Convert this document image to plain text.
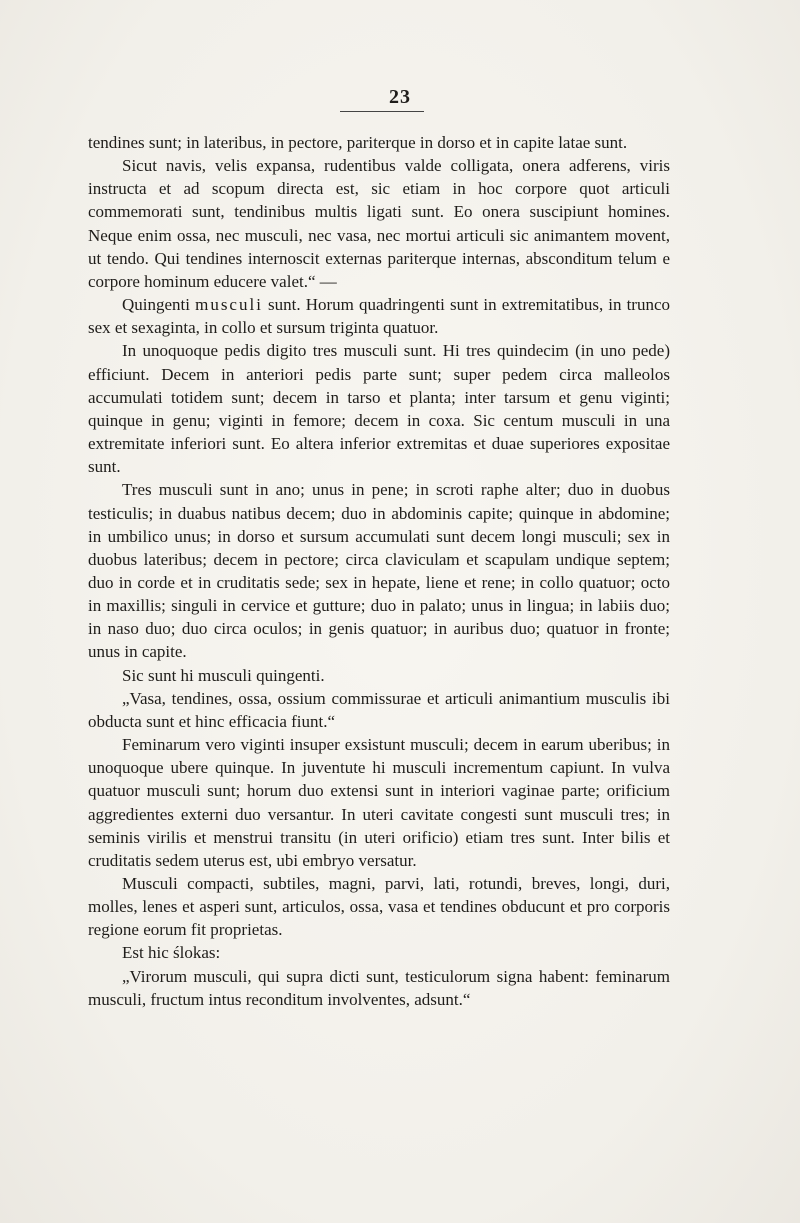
23

tendines sunt; in lateribus, in pectore, pariterque in dorso et in capite latae sunt.

Sicut navis, velis expansa, rudentibus valde colligata, onera adferens, viris instructa et ad scopum directa est, sic etiam in hoc corpore quot articuli commemorati sunt, tendinibus multis ligati sunt. Eo onera suscipiunt homines. Neque enim ossa, nec musculi, nec vasa, nec mortui articuli sic animantem movent, ut tendo. Qui tendines internoscit externas pariterque internas, absconditum telum e corpore hominum educere valet.“ —

Quingenti musculi sunt. Horum quadringenti sunt in extremitatibus, in trunco sex et sexaginta, in collo et sursum triginta quatuor.

In unoquoque pedis digito tres musculi sunt. Hi tres quindecim (in uno pede) efficiunt. Decem in anteriori pedis parte sunt; super pedem circa malleolos accumulati totidem sunt; decem in tarso et planta; inter tarsum et genu viginti; quinque in genu; viginti in femore; decem in coxa. Sic centum musculi in una extremitate inferiori sunt. Eo altera inferior extremitas et duae superiores expositae sunt.

Tres musculi sunt in ano; unus in pene; in scroti raphe alter; duo in duobus testiculis; in duabus natibus decem; duo in abdominis capite; quinque in abdomine; in umbilico unus; in dorso et sursum accumulati sunt decem longi musculi; sex in duobus lateribus; decem in pectore; circa claviculam et scapulam undique septem; duo in corde et in cruditatis sede; sex in hepate, liene et rene; in collo quatuor; octo in maxillis; singuli in cervice et gutture; duo in palato; unus in lingua; in labiis duo; in naso duo; duo circa oculos; in genis quatuor; in auribus duo; quatuor in fronte; unus in capite.

Sic sunt hi musculi quingenti.

„Vasa, tendines, ossa, ossium commissurae et articuli animantium musculis ibi obducta sunt et hinc efficacia fiunt.“

Feminarum vero viginti insuper exsistunt musculi; decem in earum uberibus; in unoquoque ubere quinque. In juventute hi musculi incrementum capiunt. In vulva quatuor musculi sunt; horum duo extensi sunt in interiori vaginae parte; orificium aggredientes externi duo versantur. In uteri cavitate congesti sunt musculi tres; in seminis virilis et menstrui transitu (in uteri orificio) etiam tres sunt. Inter bilis et cruditatis sedem uterus est, ubi embryo versatur.

Musculi compacti, subtiles, magni, parvi, lati, rotundi, breves, longi, duri, molles, lenes et asperi sunt, articulos, ossa, vasa et tendines obducunt et pro corporis regione eorum fit proprietas.

Est hic ślokas:

„Virorum musculi, qui supra dicti sunt, testiculorum signa habent: feminarum musculi, fructum intus reconditum involventes, adsunt.“
